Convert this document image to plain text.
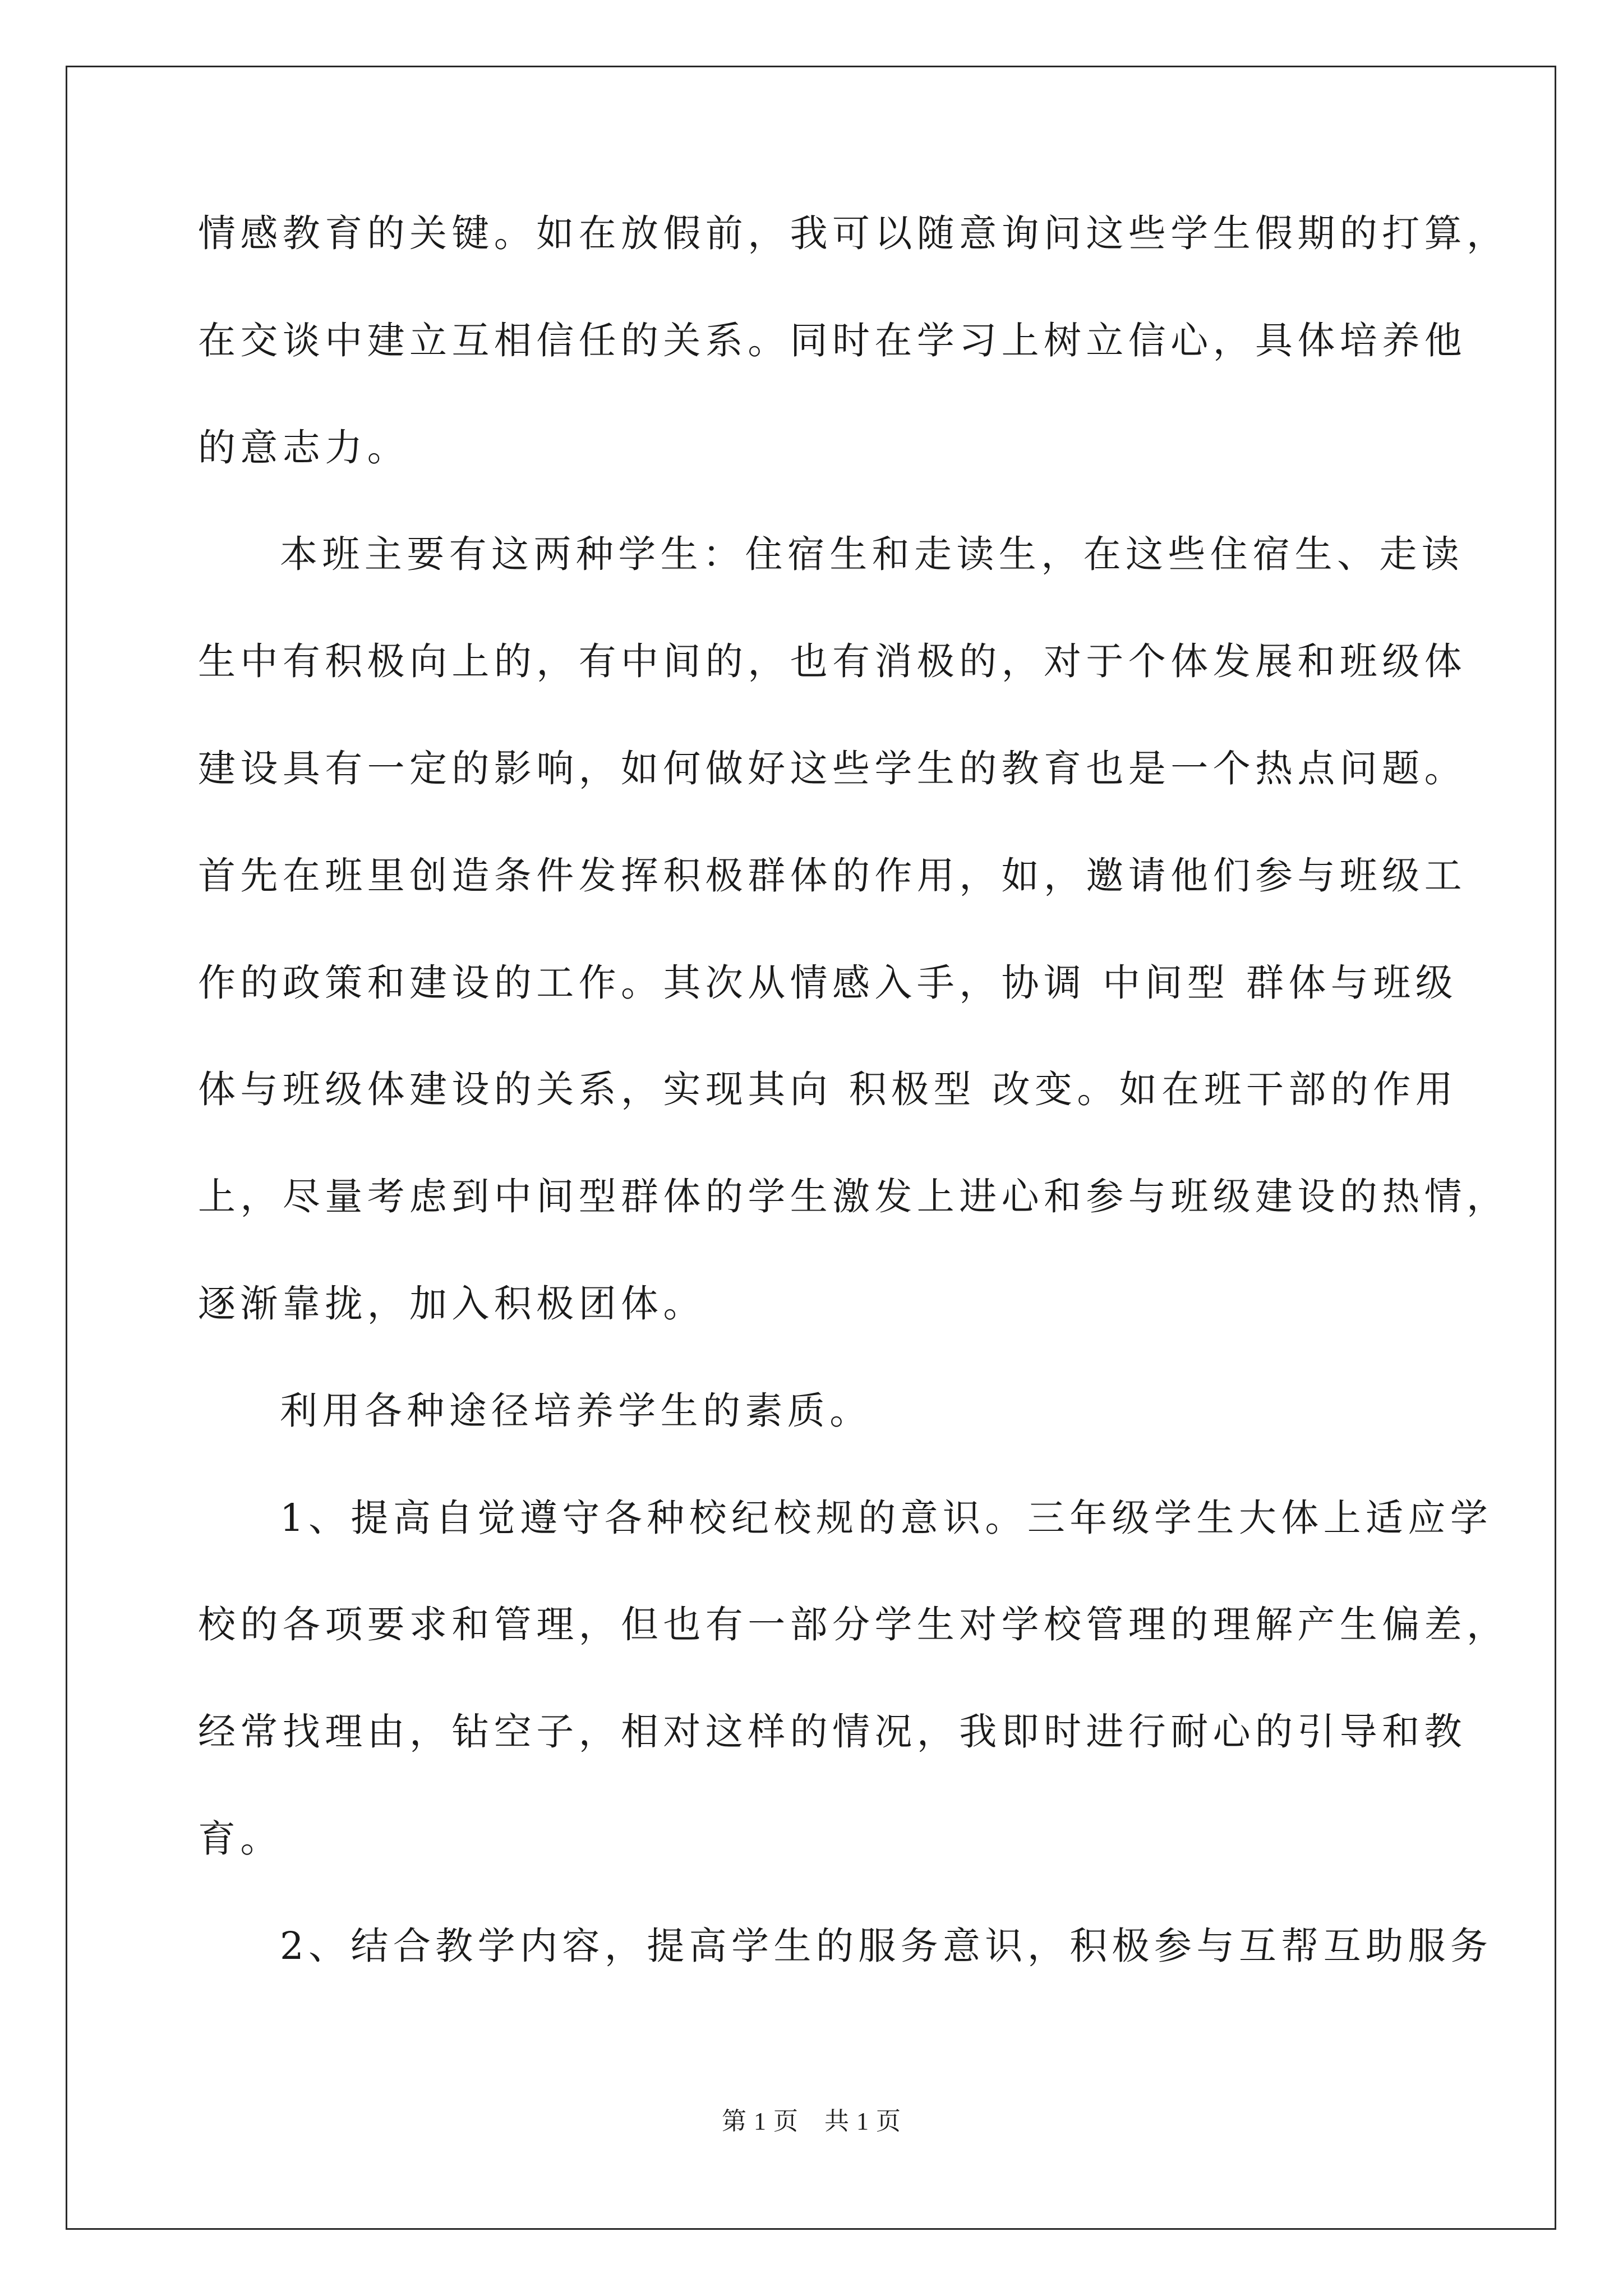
情感教育的关键。如在放假前，我可以随意询问这些学生假期的打算，
在交谈中建立互相信任的关系。同时在学习上树立信心，具体培养他
的意志力。
本班主要有这两种学生：住宿生和走读生，在这些住宿生、走读
生中有积极向上的，有中间的，也有消极的，对于个体发展和班级体
建设具有一定的影响，如何做好这些学生的教育也是一个热点问题。
首先在班里创造条件发挥积极群体的作用，如，邀请他们参与班级工
作的政策和建设的工作。其次从情感入手，协调 中间型 群体与班级
体与班级体建设的关系，实现其向 积极型 改变。如在班干部的作用
上，尽量考虑到中间型群体的学生激发上进心和参与班级建设的热情，
逐渐靠拢，加入积极团体。
利用各种途径培养学生的素质。
1、提高自觉遵守各种校纪校规的意识。三年级学生大体上适应学
校的各项要求和管理，但也有一部分学生对学校管理的理解产生偏差，
经常找理由，钻空子，相对这样的情况，我即时进行耐心的引导和教
育。
2、结合教学内容，提高学生的服务意识，积极参与互帮互助服务
第 1 页 共 1 页
